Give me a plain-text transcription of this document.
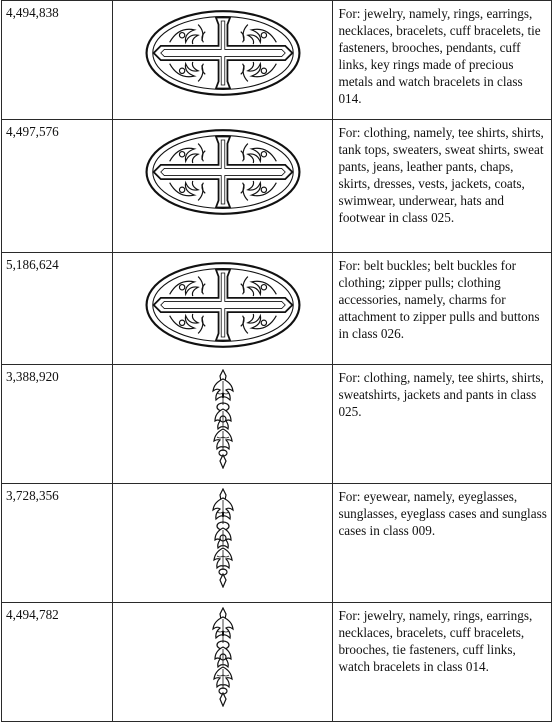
4,494,838		For: jewelry, namely, rings, earrings, necklaces, bracelets, cuff bracelets, tie fasteners, brooches, pendants, cuff links, key rings made of precious metals and watch bracelets in class 014.
4,497,576		For: clothing, namely, tee shirts, shirts, tank tops, sweaters, sweat shirts, sweat pants, jeans, leather pants, chaps, skirts, dresses, vests, jackets, coats, swimwear, underwear, hats and footwear in class 025.
5,186,624		For: belt buckles; belt buckles for clothing; zipper pulls; clothing accessories, namely, charms for attachment to zipper pulls and buttons in class 026.
3,388,920		For: clothing, namely, tee shirts, shirts, sweatshirts, jackets and pants in class 025.
3,728,356		For: eyewear, namely, eyeglasses, sunglasses, eyeglass cases and sunglass cases in class 009.
4,494,782		For: jewelry, namely, rings, earrings, necklaces, bracelets, cuff bracelets, brooches, tie fasteners, cuff links, watch bracelets in class 014.
